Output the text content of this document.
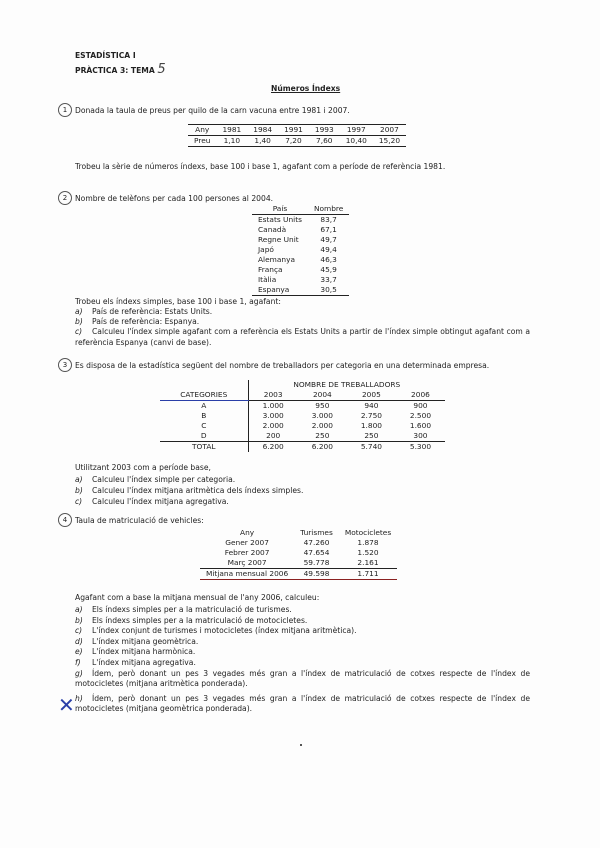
ESTADÍSTICA I
PRÀCTICA 3: TEMA 5
Números Índexs
1	Donada la taula de preus per quilo de la carn vacuna entre 1981 i 2007.
Any	1981	1984	1991	1993	1997	2007
Preu	1,10	1,40	7,20	7,60	10,40	15,20
Trobeu la sèrie de números índexs, base 100 i base 1, agafant com a període de referència 1981.
2	Nombre de telèfons per cada 100 persones al 2004.
País	Nombre
Estats Units	83,7
Canadà	67,1
Regne Unit	49,7
Japó	49,4
Alemanya	46,3
França	45,9
Itàlia	33,7
Espanya	30,5
Trobeu els índexs simples, base 100 i base 1, agafant:
a) País de referència: Estats Units.
b) País de referència: Espanya.
c) Calculeu l'índex simple agafant com a referència els Estats Units a partir de l'índex simple obtingut agafant com a referència Espanya (canvi de base).
3	Es disposa de la estadística següent del nombre de treballadors per categoria en una determinada empresa.
	NOMBRE DE TREBALLADORS			
CATEGORIES	2003	2004	2005	2006
A	1.000	950	940	900
B	3.000	3.000	2.750	2.500
C	2.000	2.000	1.800	1.600
D	200	250	250	300
TOTAL	6.200	6.200	5.740	5.300
Utilitzant 2003 com a període base,
a) Calculeu l'índex simple per categoria.
b) Calculeu l'índex mitjana aritmètica dels índexs simples.
c) Calculeu l'índex mitjana agregativa.
4	Taula de matriculació de vehicles:
Any	Turismes	Motocicletes
Gener 2007	47.260	1.878
Febrer 2007	47.654	1.520
Març 2007	59.778	2.161
Mitjana mensual 2006	49.598	1.711
Agafant com a base la mitjana mensual de l'any 2006, calculeu:
a) Els índexs simples per a la matriculació de turismes.
b) Els índexs simples per a la matriculació de motocicletes.
c) L'índex conjunt de turismes i motocicletes (índex mitjana aritmètica).
d) L'índex mitjana geomètrica.
e) L'índex mitjana harmònica.
f) L'índex mitjana agregativa.
g) Ídem, però donant un pes 3 vegades més gran a l'índex de matriculació de cotxes respecte de l'índex de motocicletes (mitjana aritmètica ponderada).
h) Ídem, però donant un pes 3 vegades més gran a l'índex de matriculació de cotxes respecte de l'índex de motocicletes (mitjana geomètrica ponderada).
✕
